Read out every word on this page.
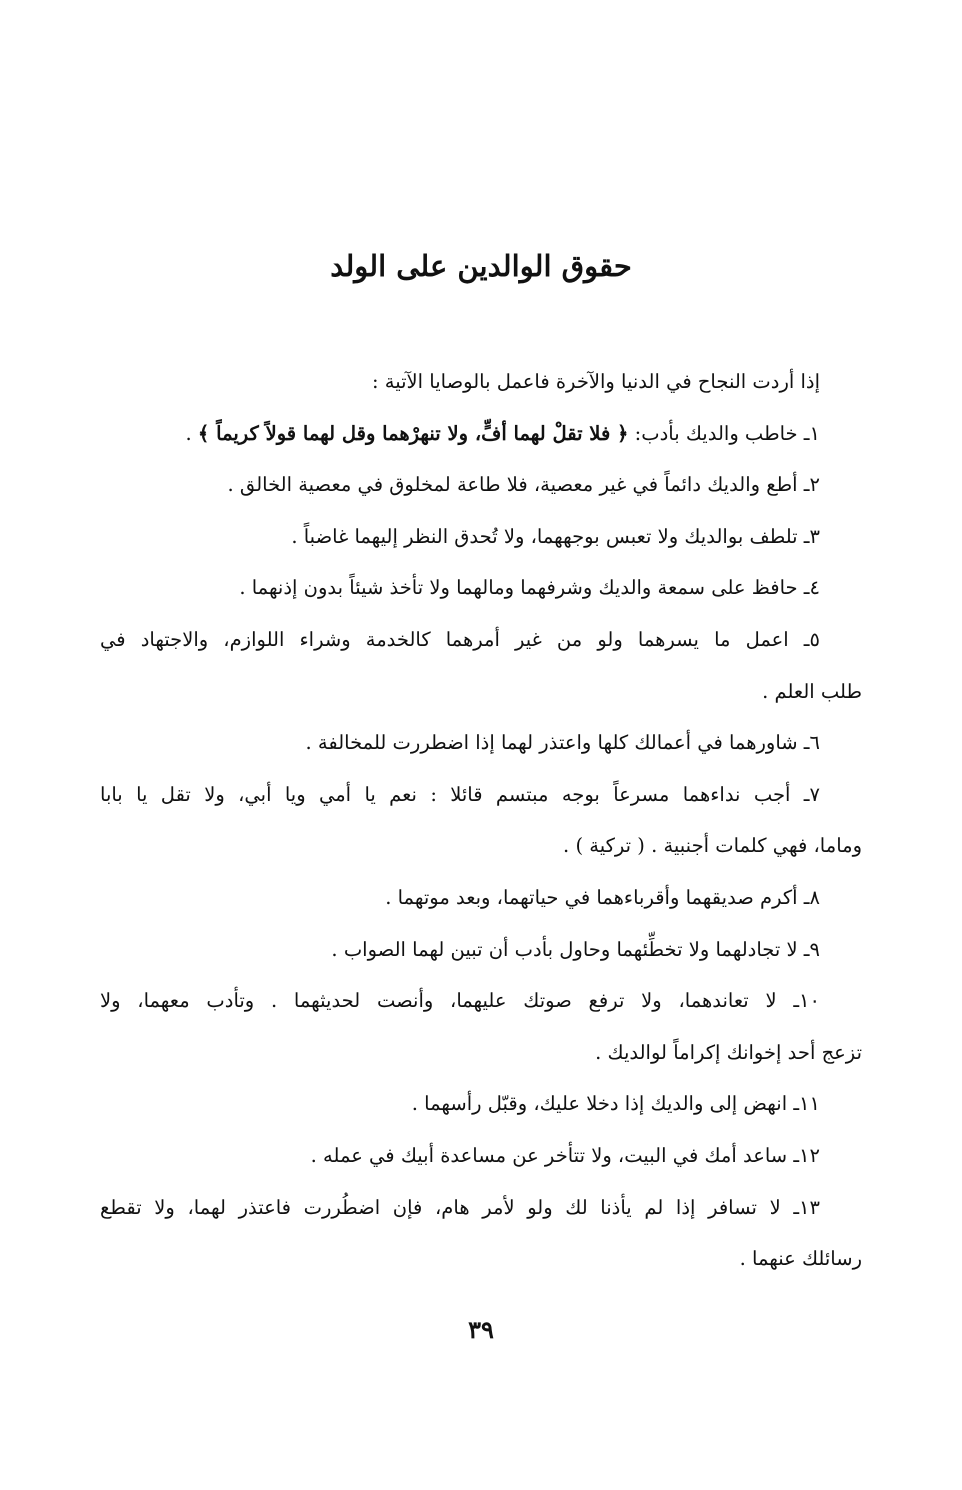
حقوق الوالدين على الولد
إذا أردت النجاح في الدنيا والآخرة فاعمل بالوصايا الآتية :
١ـ خاطب والديك بأدب: ﴿ فلا تقلْ لهما أفٍّ، ولا تنهرْهما وقل لهما قولاً كريماً ﴾ .
٢ـ أطع والديك دائماً في غير معصية، فلا طاعة لمخلوق في معصية الخالق .
٣ـ تلطف بوالديك ولا تعبس بوجههما، ولا تُحدق النظر إليهما غاضباً .
٤ـ حافظ على سمعة والديك وشرفهما ومالهما ولا تأخذ شيئاً بدون إذنهما .
٥ـ اعمل ما يسرهما ولو من غير أمرهما كالخدمة وشراء اللوازم، والاجتهاد في
طلب العلم .
٦ـ شاورهما في أعمالك كلها واعتذر لهما إذا اضطررت للمخالفة .
٧ـ أجب نداءهما مسرعاً بوجه مبتسم قائلا : نعم يا أمي ويا أبي، ولا تقل يا بابا
وماما، فهي كلمات أجنبية . ( تركية ) .
٨ـ أكرم صديقهما وأقرباءهما في حياتهما، وبعد موتهما .
٩ـ لا تجادلهما ولا تخطِّئهما وحاول بأدب أن تبين لهما الصواب .
١٠ـ لا تعاندهما، ولا ترفع صوتك عليهما، وأنصت لحديثهما . وتأدب معهما، ولا
تزعج أحد إخوانك إكراماً لوالديك .
١١ـ انهض إلى والديك إذا دخلا عليك، وقبّل رأسهما .
١٢ـ ساعد أمك في البيت، ولا تتأخر عن مساعدة أبيك في عمله .
١٣ـ لا تسافر إذا لم يأذنا لك ولو لأمر هام، فإن اضطُررت فاعتذر لهما، ولا تقطع
رسائلك عنهما .
٣٩
